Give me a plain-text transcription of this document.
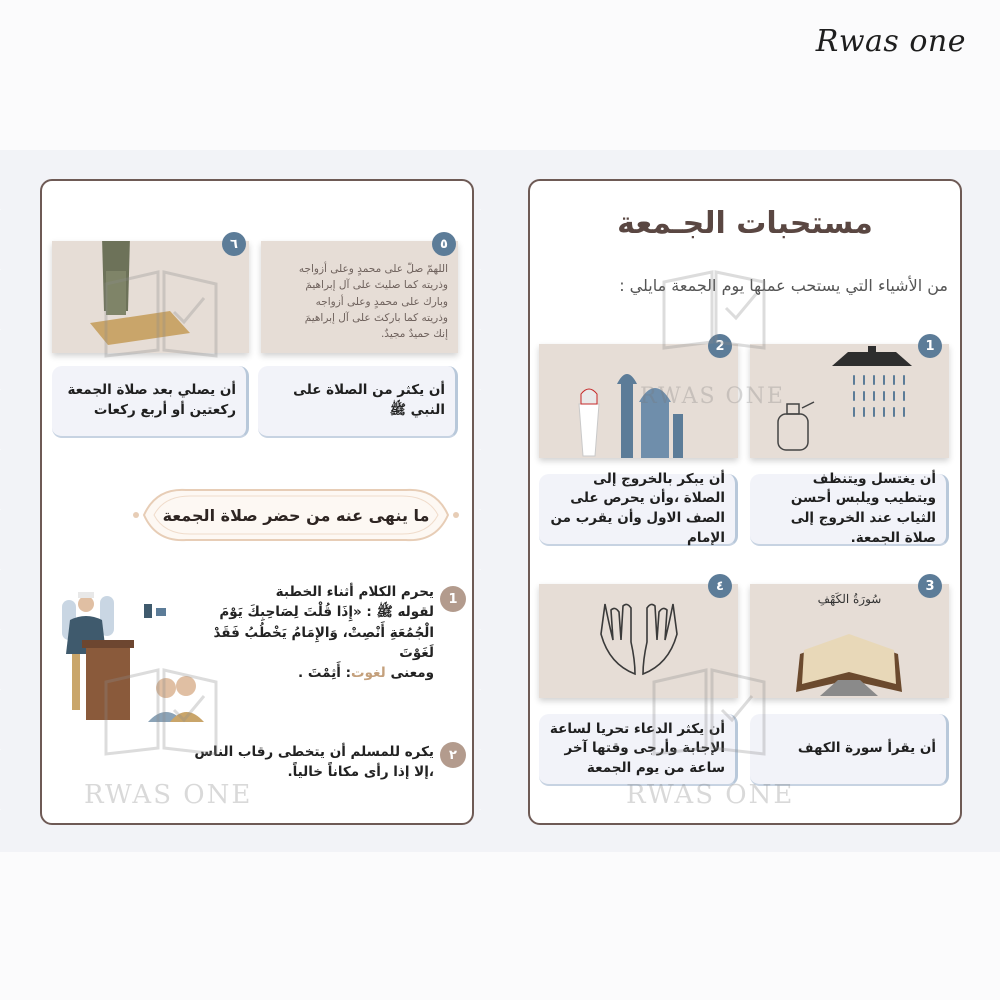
Rwas one
مستحبات الجـمعة
من الأشياء التي يستحب عملها يوم الجمعة مايلي :
1
أن يغتسل ويتنظف ويتطيب ويلبس أحسن الثياب عند الخروج إلى صلاة الجمعة.
2
أن يبكر بالخروج إلى الصلاة ،وأن يحرص على الصف الاول وأن يقرب من الإمام
سُورَةُ الكَهْفِ
3
أن يقرأ سورة الكهف
٤
أن يكثر الدعاء تحريا لساعة الإجابة وأرجى وقتها آخر ساعة من يوم الجمعة
اللهمّ صلّ على محمدٍ وعلى أزواجه
وذريته كما صليتَ على آل إبراهيمَ
وبارك على محمدٍ وعلى أزواجه
وذريته كما باركتَ على آل إبراهيمَ
إنك حميدٌ مجيدٌ.
٥
أن يكثر من الصلاة على النبي ﷺ
٦
أن يصلي بعد صلاة الجمعة ركعتين أو أربع ركعات
ما ينهى عنه من حضر صلاة الجمعة
1
يحرم الكلام أثناء الخطبة
لقوله ﷺ : «إِذَا قُلْتَ لِصَاحِبِكَ يَوْمَ
الْجُمُعَةِ أَنْصِتْ، وَالإِمَامُ يَخْطُبُ فَقَدْ
لَغَوْتَ
ومعنى لغوت: أَثِمْتَ .
٢
يكره للمسلم أن يتخطى رقاب الناس
،إلا إذا رأى مكاناً خالياً.
RWAS ONE
RWAS ONE
RWAS ONE
